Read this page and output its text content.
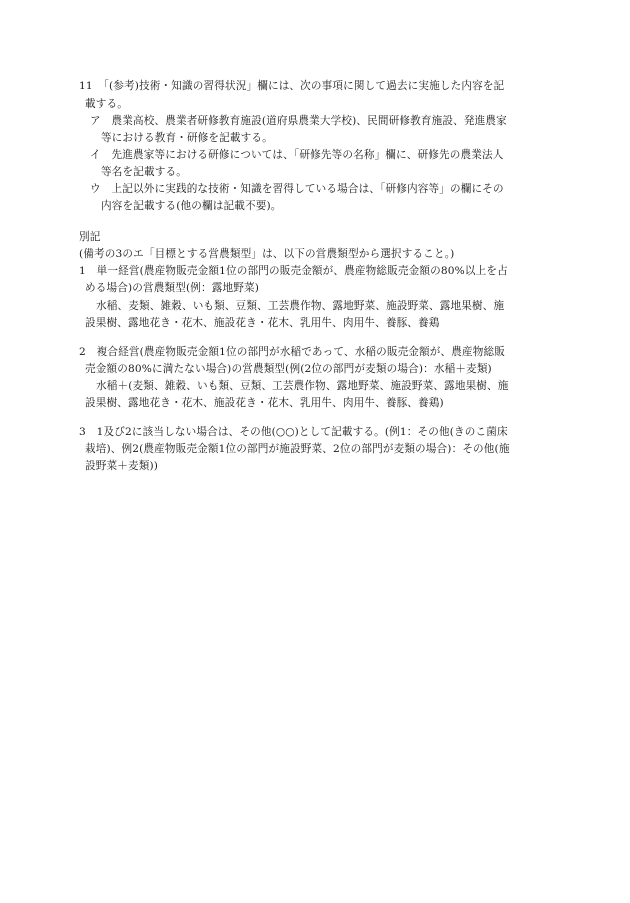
11　「(参考)技術・知識の習得状況」欄には、次の事項に関して過去に実施した内容を記
載する。
ア　農業高校、農業者研修教育施設(道府県農業大学校)、民間研修教育施設、発進農家
等における教育・研修を記載する。
イ　先進農家等における研修については、「研修先等の名称」欄に、研修先の農業法人
等名を記載する。
ウ　上記以外に実践的な技術・知識を習得している場合は、「研修内容等」の欄にその
内容を記載する(他の欄は記載不要)。
別記
(備考の3のエ「目標とする営農類型」は、以下の営農類型から選択すること。)
1　単一経営(農産物販売金額1位の部門の販売金額が、農産物総販売金額の80%以上を占
める場合)の営農類型(例：露地野菜)
水稲、麦類、雑穀、いも類、豆類、工芸農作物、露地野菜、施設野菜、露地果樹、施
設果樹、露地花き・花木、施設花き・花木、乳用牛、肉用牛、養豚、養鶏
2　複合経営(農産物販売金額1位の部門が水稲であって、水稲の販売金額が、農産物総販
売金額の80%に満たない場合)の営農類型(例(2位の部門が麦類の場合)：水稲＋麦類)
水稲＋(麦類、雑穀、いも類、豆類、工芸農作物、露地野菜、施設野菜、露地果樹、施
設果樹、露地花き・花木、施設花き・花木、乳用牛、肉用牛、養豚、養鶏)
3　1及び2に該当しない場合は、その他(○○)として記載する。(例1：その他(きのこ菌床
栽培)、例2(農産物販売金額1位の部門が施設野菜、2位の部門が麦類の場合)：その他(施
設野菜＋麦類))
